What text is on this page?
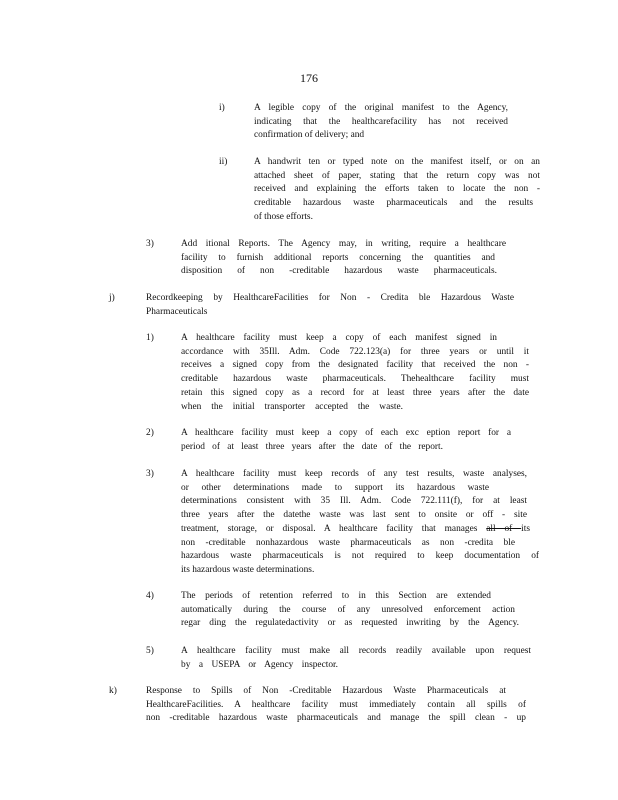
176
i)	A legible copy of the original manifest to the Agency,
indicating that the healthcarefacility has not received
confirmation of delivery; and
ii)	A handwrit ten or typed note on the manifest itself, or on an
attached sheet of paper, stating that the return copy was not
received and explaining the efforts taken to locate the non -
creditable hazardous waste pharmaceuticals and the results
of those efforts.
3)	Add itional Reports. The Agency may, in writing, require a healthcare
facility to furnish additional reports concerning the quantities and
disposition of non -creditable hazardous waste pharmaceuticals.
j)	Recordkeeping by HealthcareFacilities for Non - Credita ble Hazardous Waste
Pharmaceuticals
1)	A healthcare facility must keep a copy of each manifest signed in
accordance with 35Ill. Adm. Code 722.123(a) for three years or until it
receives a signed copy from the designated facility that received the non -
creditable hazardous waste pharmaceuticals. Thehealthcare facility must
retain this signed copy as a record for at least three years after the date
when the initial transporter accepted the waste.
2)	A healthcare facility must keep a copy of each exc eption report for a
period of at least three years after the date of the report.
3)	A healthcare facility must keep records of any test results, waste analyses,
or other determinations made to support its hazardous waste
determinations consistent with 35 Ill. Adm. Code 722.111(f), for at least
three years after the datethe waste was last sent to onsite or off - site
treatment, storage, or disposal. A healthcare facility that manages all of its
non -creditable nonhazardous waste pharmaceuticals as non -credita ble
hazardous waste pharmaceuticals is not required to keep documentation of
its hazardous waste determinations.
4)	The periods of retention referred to in this Section are extended
automatically during the course of any unresolved enforcement action
regar ding the regulatedactivity or as requested inwriting by the Agency.
5)	A healthcare facility must make all records readily available upon request
by a USEPA or Agency inspector.
k)	Response to Spills of Non -Creditable Hazardous Waste Pharmaceuticals at
HealthcareFacilities. A healthcare facility must immediately contain all spills of
non -creditable hazardous waste pharmaceuticals and manage the spill clean - up
